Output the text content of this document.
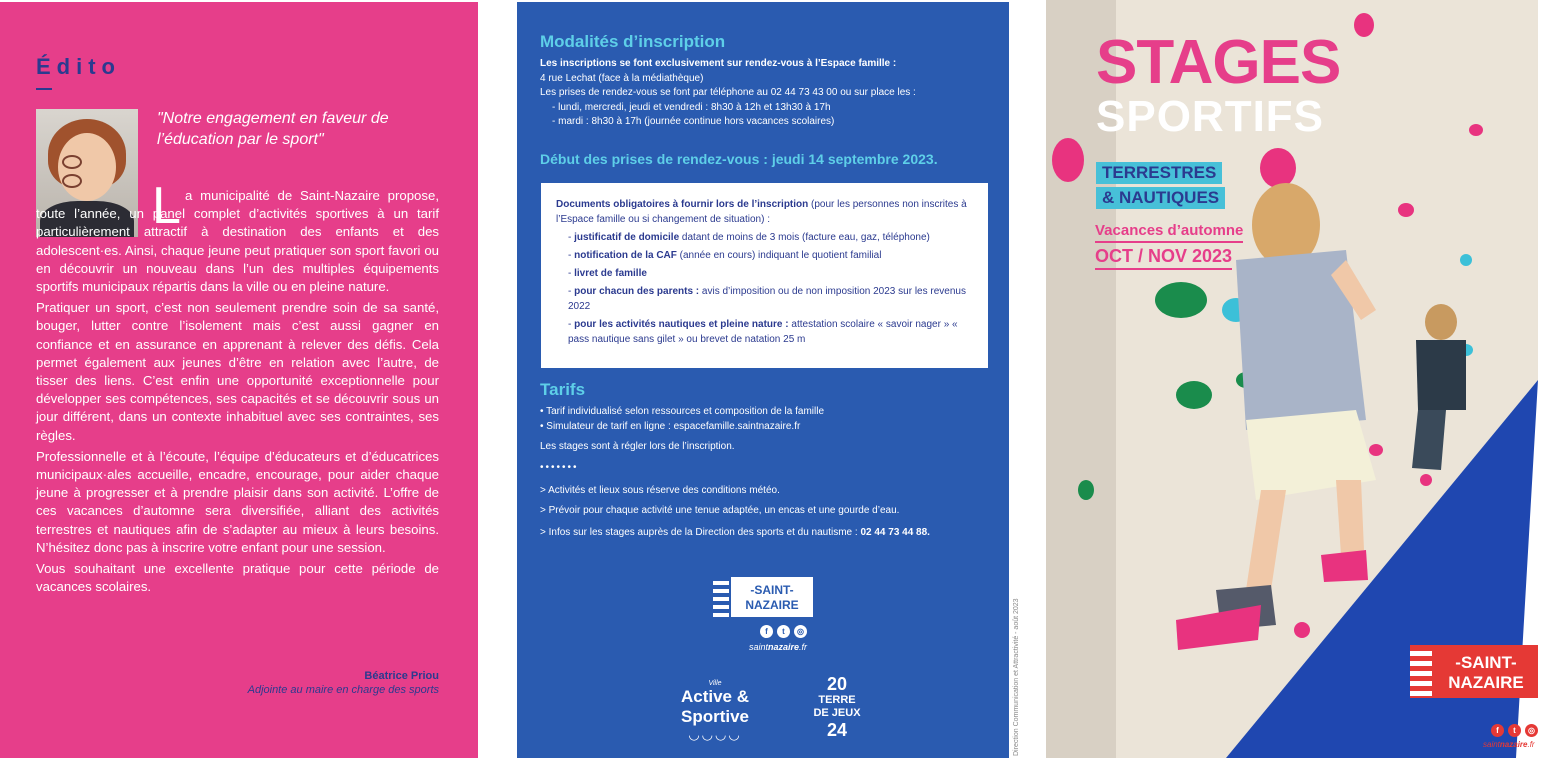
Édito
"Notre engagement en faveur de l’éducation par le sport"
L a municipalité de Saint-Nazaire propose, toute l’année, un panel complet d’activités sportives à un tarif particulièrement attractif à destination des enfants et des adolescent·es. Ainsi, chaque jeune peut pratiquer son sport favori ou en découvrir un nouveau dans l’un des multiples équipements sportifs municipaux répartis dans la ville ou en pleine nature.

Pratiquer un sport, c’est non seulement prendre soin de sa santé, bouger, lutter contre l’isolement mais c’est aussi gagner en confiance et en assurance en apprenant à relever des défis. Cela permet également aux jeunes d’être en relation avec l’autre, de tisser des liens. C’est enfin une opportunité exceptionnelle pour développer ses compétences, ses capacités et se découvrir sous un jour différent, dans un contexte inhabituel avec ses contraintes, ses règles.

Professionnelle et à l’écoute, l’équipe d’éducateurs et d’éducatrices municipaux·ales accueille, encadre, encourage, pour aider chaque jeune à progresser et à prendre plaisir dans son activité. L’offre de ces vacances d’automne sera diversifiée, alliant des activités terrestres et nautiques afin de s’adapter au mieux à leurs besoins. N’hésitez donc pas à inscrire votre enfant pour une session.

Vous souhaitant une excellente pratique pour cette période de vacances scolaires.

Béatrice Priou
Adjointe au maire en charge des sports
Modalités d’inscription
Les inscriptions se font exclusivement sur rendez-vous à l’Espace famille :
4 rue Lechat (face à la médiathèque)
Les prises de rendez-vous se font par téléphone au 02 44 73 43 00 ou sur place les :
- lundi, mercredi, jeudi et vendredi : 8h30 à 12h et 13h30 à 17h
- mardi : 8h30 à 17h (journée continue hors vacances scolaires)
Début des prises de rendez-vous : jeudi 14 septembre 2023.
Documents obligatoires à fournir lors de l’inscription (pour les personnes non inscrites à l’Espace famille ou si changement de situation) :
- justificatif de domicile datant de moins de 3 mois (facture eau, gaz, téléphone)
- notification de la CAF (année en cours) indiquant le quotient familial
- livret de famille
- pour chacun des parents : avis d’imposition ou de non imposition 2023 sur les revenus 2022
- pour les activités nautiques et pleine nature : attestation scolaire « savoir nager » « pass nautique sans gilet » ou brevet de natation 25 m
Tarifs
• Tarif individualisé selon ressources et composition de la famille
• Simulateur de tarif en ligne : espacefamille.saintnazaire.fr
Les stages sont à régler lors de l’inscription.
•••••••
> Activités et lieux sous réserve des conditions météo.
> Prévoir pour chaque activité une tenue adaptée, un encas et une gourde d’eau.
> Infos sur les stages auprès de la Direction des sports et du nautisme : 02 44 73 44 88.
-SAINT-
NAZAIRE
f	t	◎
saintnazaire.fr
Ville
Active & Sportive
◡◡◡◡
20
TERRE
DE JEUX
24	Direction Communication et Attractivité - août 2023
STAGES
SPORTIFS
TERRESTRES
& NAUTIQUES
Vacances d’automne
OCT / NOV 2023
-SAINT-
NAZAIRE
f	t	◎
saintnazaire.fr
